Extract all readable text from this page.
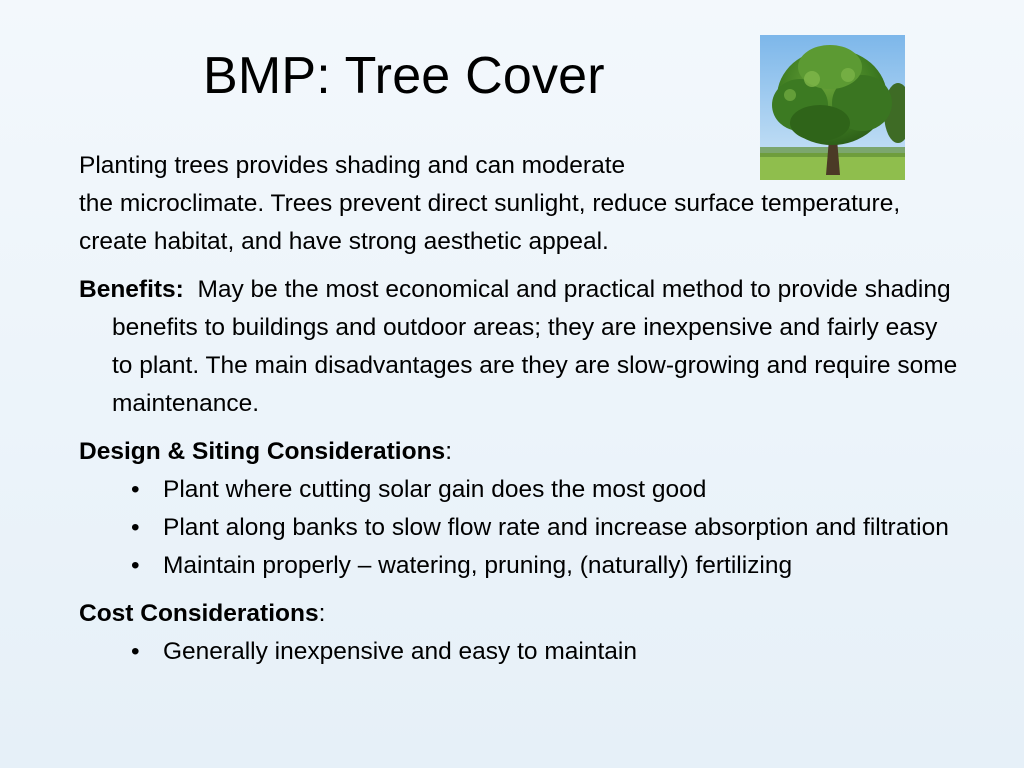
BMP: Tree Cover

Planting trees provides shading and can moderate
the microclimate. Trees prevent direct sunlight, reduce surface temperature, create habitat, and have strong aesthetic appeal.

Benefits: May be the most economical and practical method to provide shading benefits to buildings and outdoor areas; they are inexpensive and fairly easy to plant. The main disadvantages are they are slow-growing and require some maintenance.

Design & Siting Considerations:

• Plant where cutting solar gain does the most good
• Plant along banks to slow flow rate and increase absorption and filtration
• Maintain properly – watering, pruning, (naturally) fertilizing

Cost Considerations:

• Generally inexpensive and easy to maintain
